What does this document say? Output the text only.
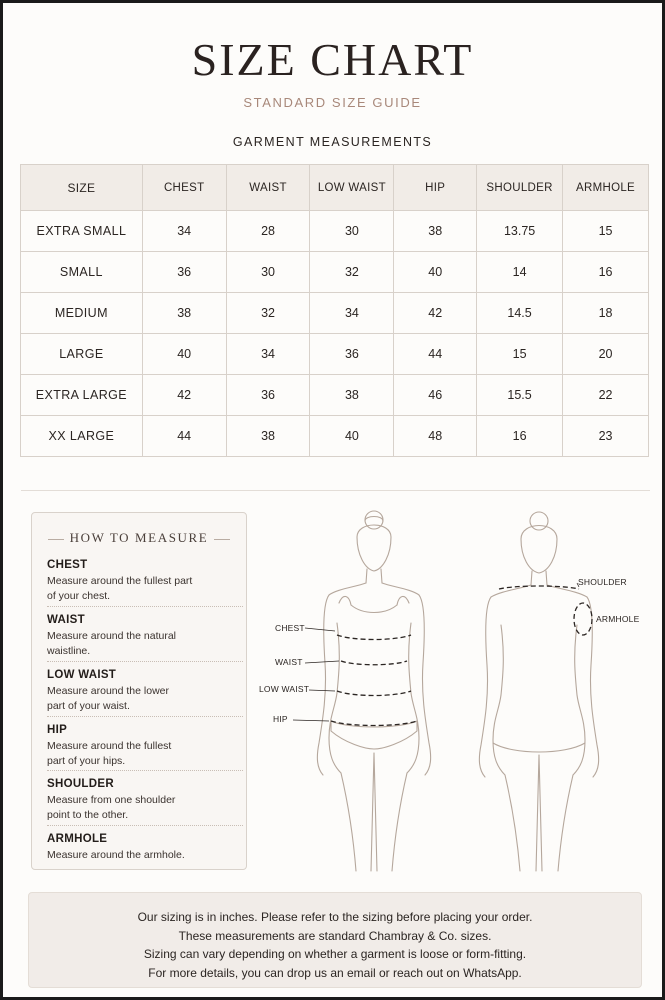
SIZE CHART
STANDARD SIZE GUIDE
GARMENT MEASUREMENTS
SIZE	CHEST	WAIST	LOW WAIST	HIP	SHOULDER	ARMHOLE
EXTRA SMALL	34	28	30	38	13.75	15
SMALL	36	30	32	40	14	16
MEDIUM	38	32	34	42	14.5	18
LARGE	40	34	36	44	15	20
EXTRA LARGE	42	36	38	46	15.5	22
XX LARGE	44	38	40	48	16	23
HOW TO MEASURE
CHEST
Measure around the fullest part
of your chest.
WAIST
Measure around the natural
waistline.
LOW WAIST
Measure around the lower
part of your waist.
HIP
Measure around the fullest
part of your hips.
SHOULDER
Measure from one shoulder
point to the other.
ARMHOLE
Measure around the armhole.
CHEST
WAIST
LOW WAIST
HIP
SHOULDER
ARMHOLE

Our sizing is in inches. Please refer to the sizing before placing your order.

These measurements are standard Chambray & Co. sizes.

Sizing can vary depending on whether a garment is loose or form-fitting.

For more details, you can drop us an email or reach out on WhatsApp.
